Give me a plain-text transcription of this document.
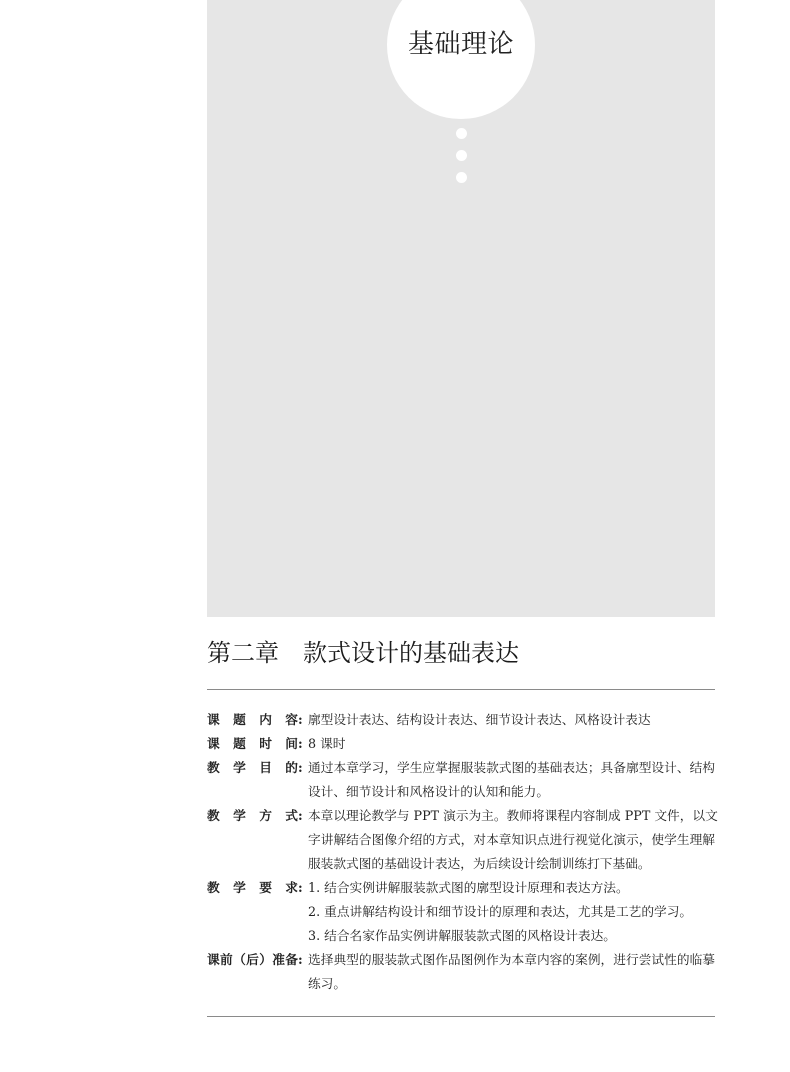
基础理论
第二章 款式设计的基础表达
课题内容 : 廓型设计表达、结构设计表达、细节设计表达、风格设计表达
课题时间 : 8 课时
教学目的 : 通过本章学习，学生应掌握服装款式图的基础表达；具备廓型设计、结构
设计、细节设计和风格设计的认知和能力。
教学方式 : 本章以理论教学与 PPT 演示为主。教师将课程内容制成 PPT 文件，以文
字讲解结合图像介绍的方式，对本章知识点进行视觉化演示，使学生理解
服装款式图的基础设计表达，为后续设计绘制训练打下基础。
教学要求 : 1. 结合实例讲解服装款式图的廓型设计原理和表达方法。
2. 重点讲解结构设计和细节设计的原理和表达，尤其是工艺的学习。
3. 结合名家作品实例讲解服装款式图的风格设计表达。
课前（后）准备 : 选择典型的服装款式图作品图例作为本章内容的案例，进行尝试性的临摹
练习。
